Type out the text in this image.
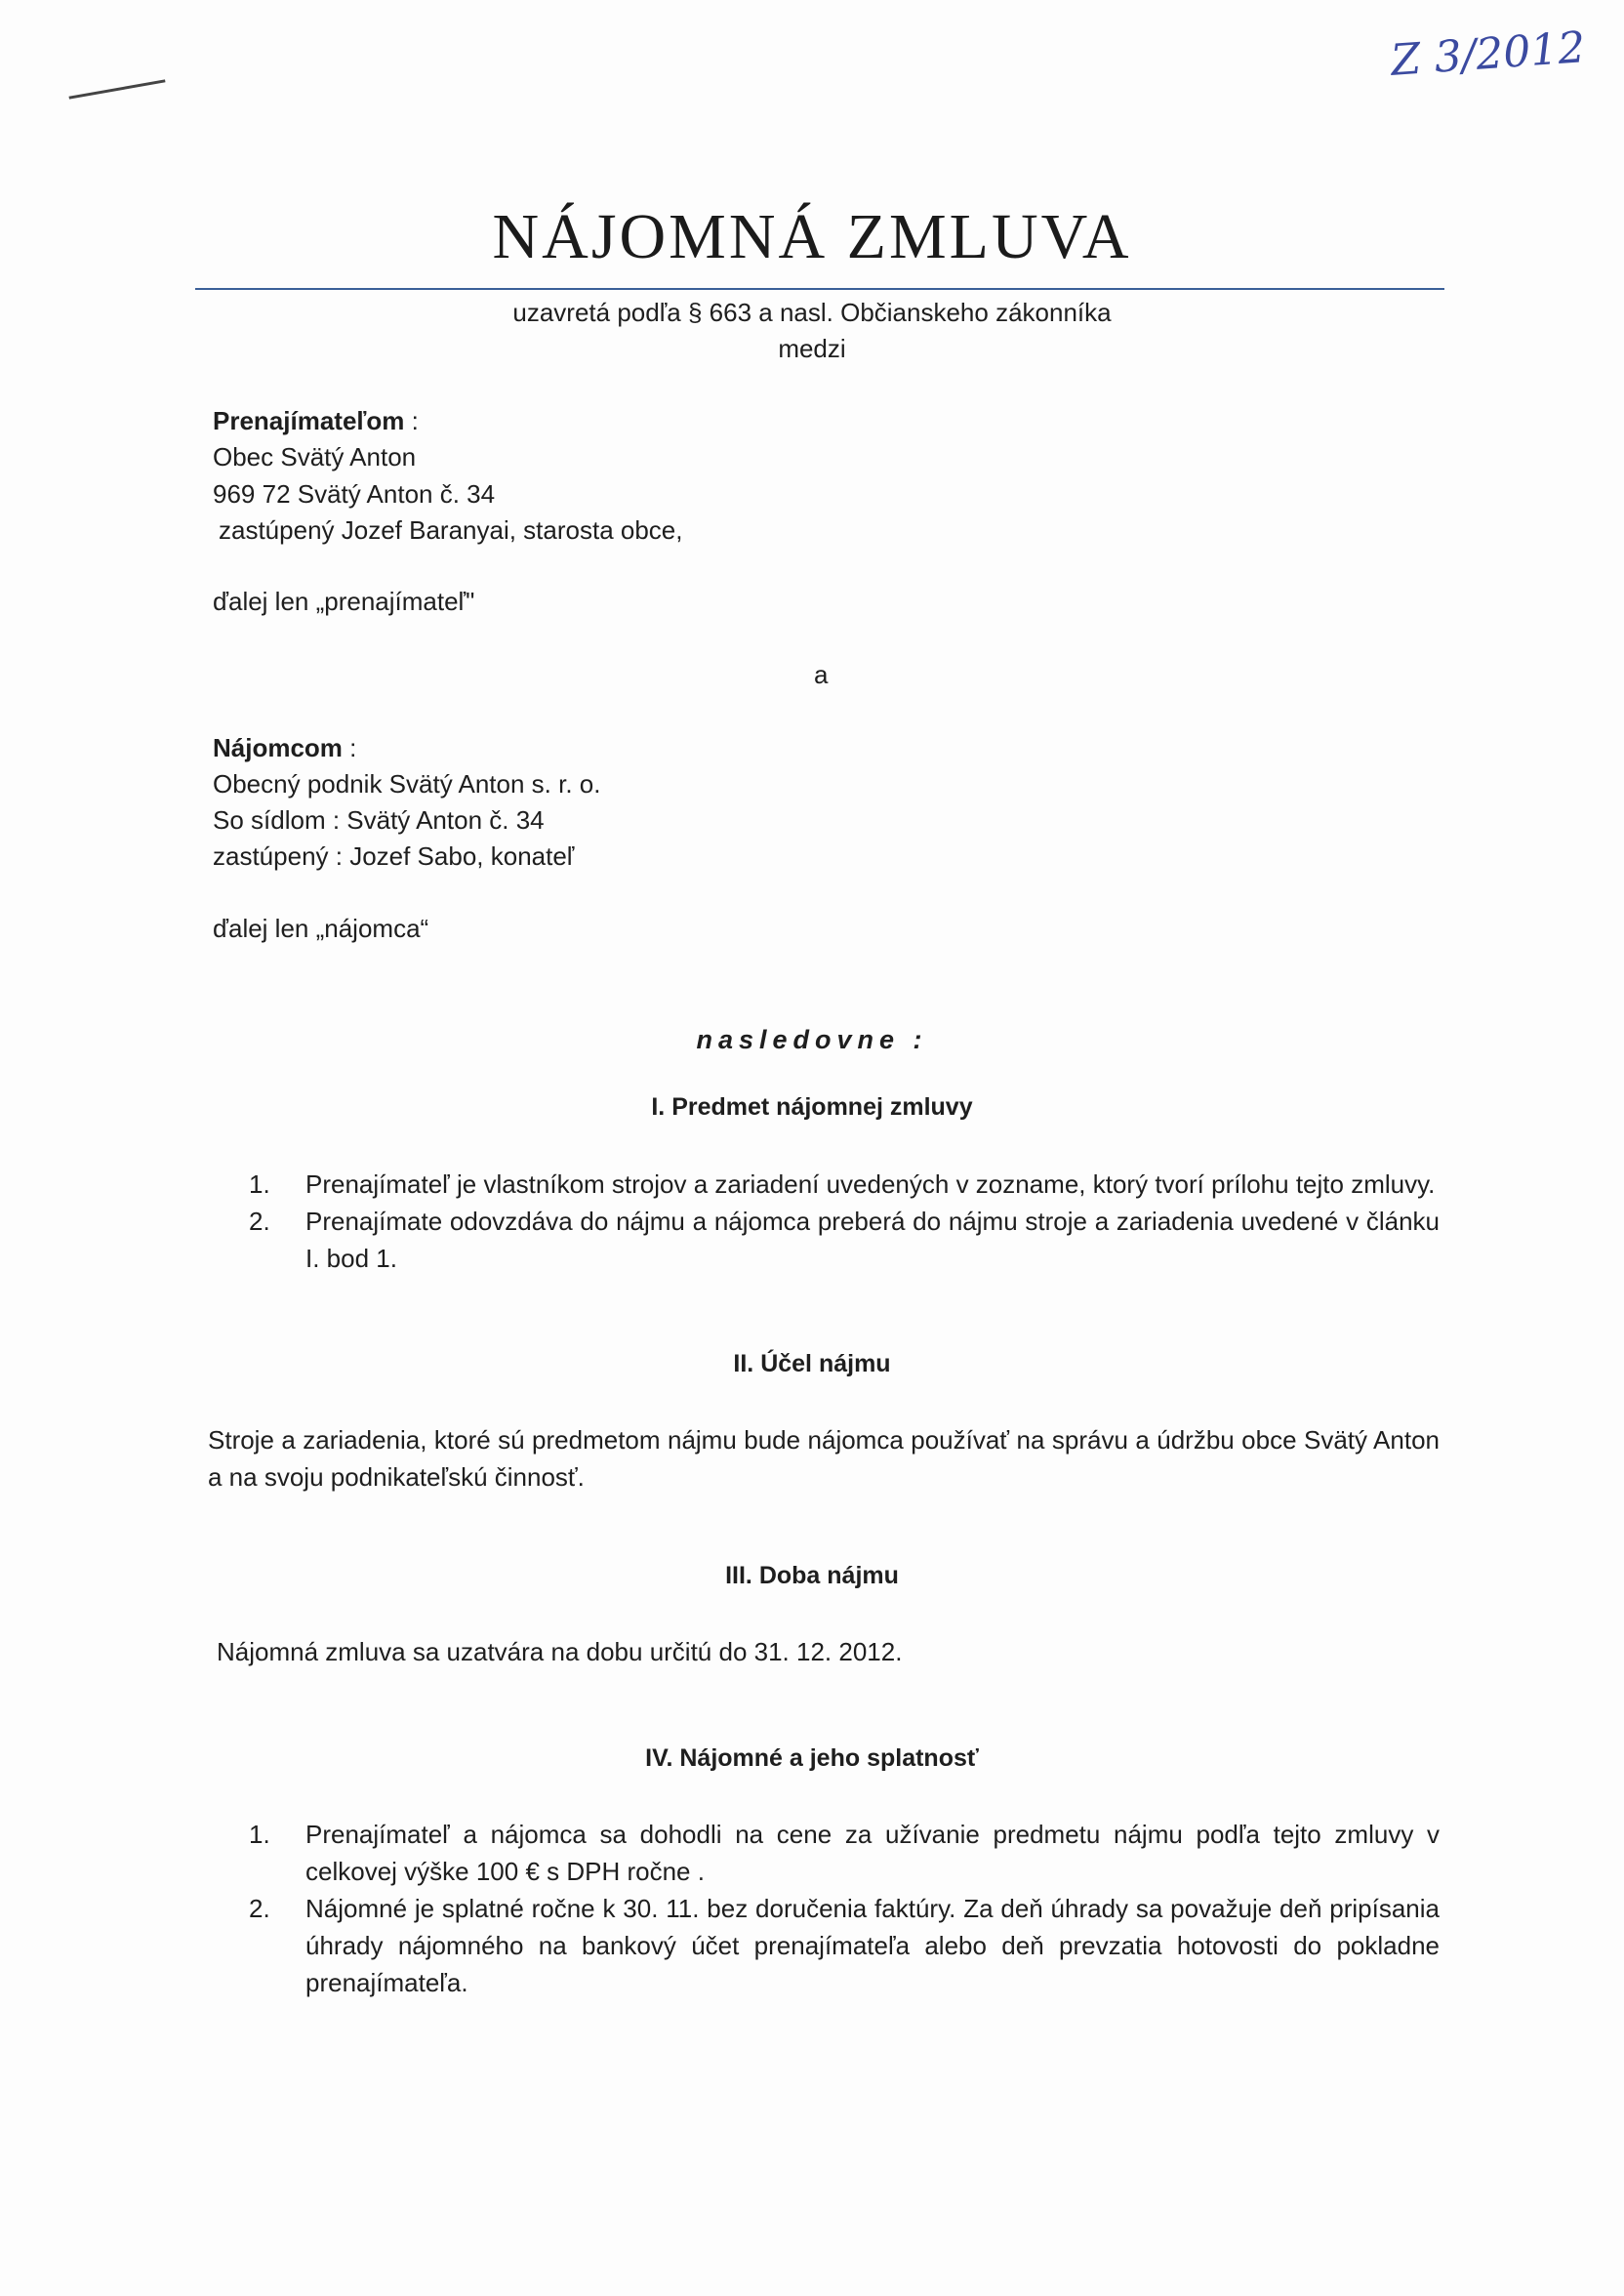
Z 3/2012
NÁJOMNÁ ZMLUVA
uzavretá podľa § 663 a nasl. Občianskeho zákonníka
medzi
Prenajímateľom :
Obec Svätý Anton
969 72 Svätý Anton č. 34
zastúpený Jozef Baranyai, starosta obce,
ďalej len „prenajímateľ"
a
Nájomcom :
Obecný podnik Svätý Anton s. r. o.
So sídlom : Svätý Anton č. 34
zastúpený : Jozef Sabo, konateľ
ďalej len „nájomca“
nasledovne :
I. Predmet nájomnej zmluvy
1. Prenajímateľ je vlastníkom strojov a zariadení uvedených v zozname, ktorý tvorí prílohu tejto zmluvy.
2. Prenajímate odovzdáva do nájmu a nájomca preberá do nájmu stroje a zariadenia uvedené v článku I. bod 1.
II. Účel nájmu
Stroje a zariadenia, ktoré sú predmetom nájmu bude nájomca používať na správu a údržbu obce Svätý Anton a na svoju podnikateľskú činnosť.
III. Doba nájmu
Nájomná zmluva sa uzatvára na dobu určitú do 31. 12. 2012.
IV. Nájomné a jeho splatnosť
1. Prenajímateľ a nájomca sa dohodli na cene za užívanie predmetu nájmu podľa tejto zmluvy v celkovej výške 100 € s DPH ročne .
2. Nájomné je splatné ročne k 30. 11. bez doručenia faktúry. Za deň úhrady sa považuje deň pripísania úhrady nájomného na bankový účet prenajímateľa alebo deň prevzatia hotovosti do pokladne prenajímateľa.
